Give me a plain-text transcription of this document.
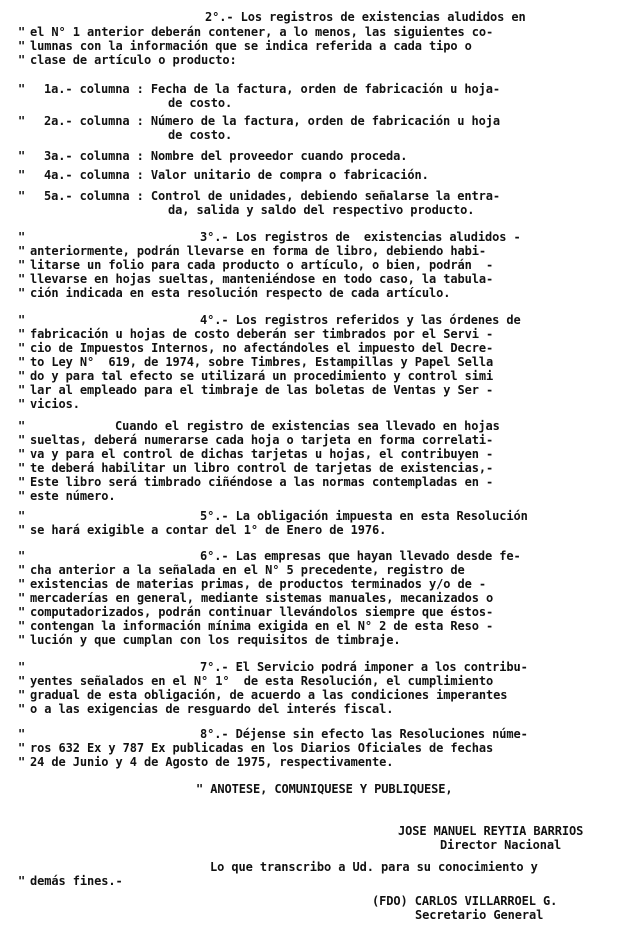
2°.- Los registros de existencias aludidos en
" el N° 1 anterior deberán contener, a lo menos, las siguientes co-
" lumnas con la información que se indica referida a cada tipo o
" clase de artículo o producto:
" 1a.- columna : Fecha de la factura, orden de fabricación u hoja-
de costo.
" 2a.- columna : Número de la factura, orden de fabricación u hoja
de costo.
" 3a.- columna : Nombre del proveedor cuando proceda.
" 4a.- columna : Valor unitario de compra o fabricación.
" 5a.- columna : Control de unidades, debiendo señalarse la entra-
da, salida y saldo del respectivo producto.
"	3°.- Los registros de  existencias aludidos -
" anteriormente, podrán llevarse en forma de libro, debiendo habi-
" litarse un folio para cada producto o artículo, o bien, podrán  -
" llevarse en hojas sueltas, manteniéndose en todo caso, la tabula-
" ción indicada en esta resolución respecto de cada artículo.
"	4°.- Los registros referidos y las órdenes de
" fabricación u hojas de costo deberán ser timbrados por el Servi -
" cio de Impuestos Internos, no afectándoles el impuesto del Decre-
" to Ley N°  619, de 1974, sobre Timbres, Estampillas y Papel Sella
" do y para tal efecto se utilizará un procedimiento y control simi
" lar al empleado para el timbraje de las boletas de Ventas y Ser -
" vicios.
"	Cuando el registro de existencias sea llevado en hojas
" sueltas, deberá numerarse cada hoja o tarjeta en forma correlati-
" va y para el control de dichas tarjetas u hojas, el contribuyen -
" te deberá habilitar un libro control de tarjetas de existencias,-
" Este libro será timbrado ciñéndose a las normas contempladas en -
" este número.
"	5°.- La obligación impuesta en esta Resolución
" se hará exigible a contar del 1° de Enero de 1976.
"	6°.- Las empresas que hayan llevado desde fe-
" cha anterior a la señalada en el N° 5 precedente, registro de
" existencias de materias primas, de productos terminados y/o de -
" mercaderías en general, mediante sistemas manuales, mecanizados o
" computadorizados, podrán continuar llevándolos siempre que éstos-
" contengan la información mínima exigida en el N° 2 de esta Reso -
" lución y que cumplan con los requisitos de timbraje.
"	7°.- El Servicio podrá imponer a los contribu-
" yentes señalados en el N° 1°  de esta Resolución, el cumplimiento
" gradual de esta obligación, de acuerdo a las condiciones imperantes
" o a las exigencias de resguardo del interés fiscal.
"	8°.- Déjense sin efecto las Resoluciones núme-
" ros 632 Ex y 787 Ex publicadas en los Diarios Oficiales de fechas
" 24 de Junio y 4 de Agosto de 1975, respectivamente.
" ANOTESE, COMUNIQUESE Y PUBLIQUESE,
JOSE MANUEL REYTIA BARRIOS
Director Nacional
Lo que transcribo a Ud. para su conocimiento y
" demás fines.-
(FDO) CARLOS VILLARROEL G.
Secretario General
